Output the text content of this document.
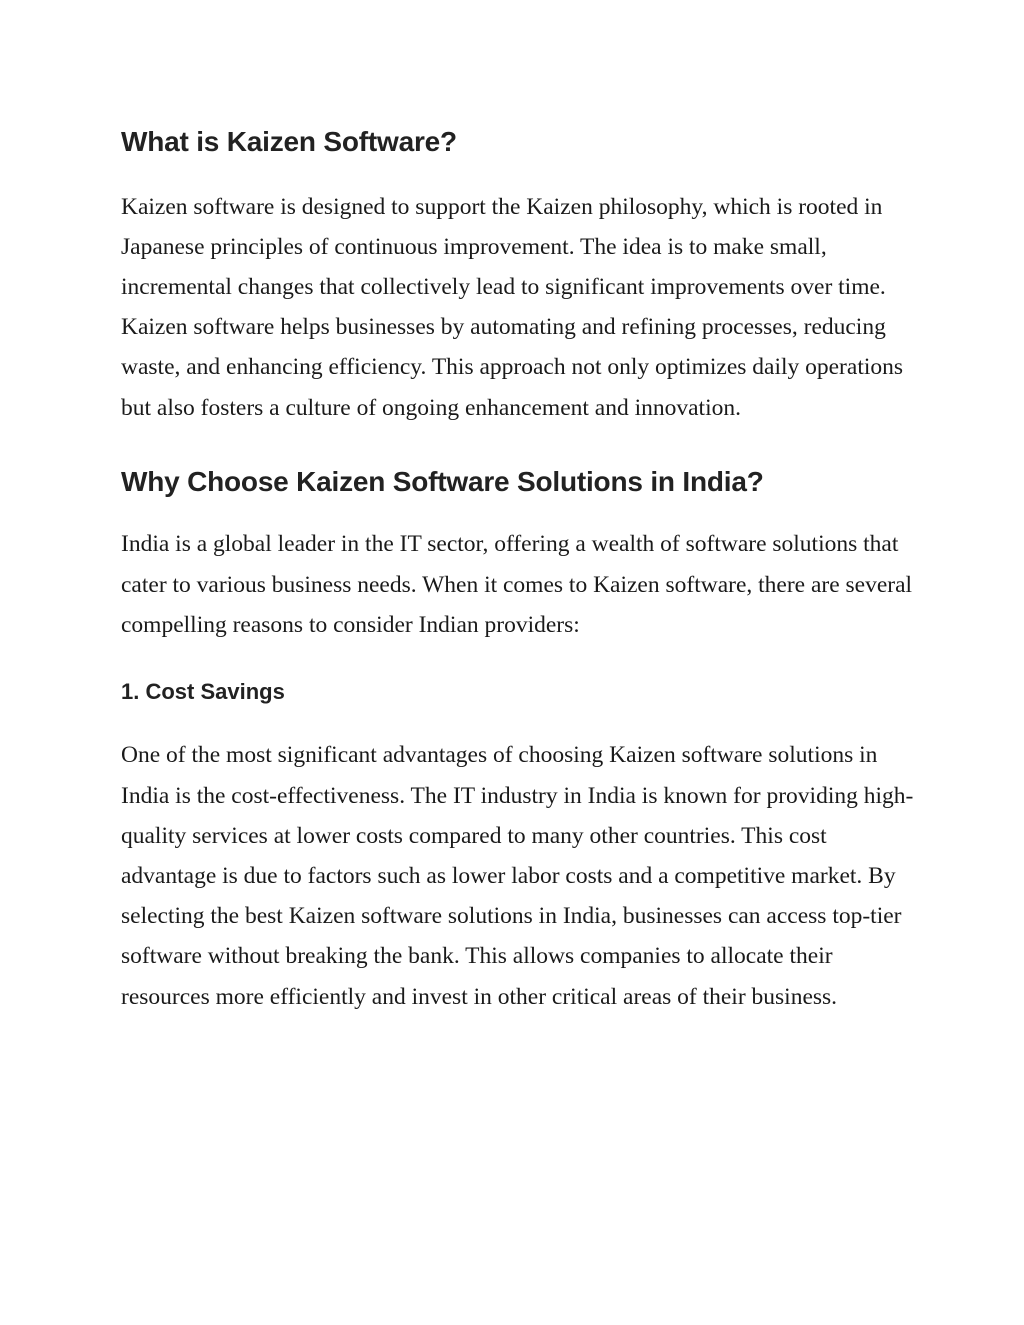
What is Kaizen Software?

Kaizen software is designed to support the Kaizen philosophy, which is rooted in Japanese principles of continuous improvement. The idea is to make small, incremental changes that collectively lead to significant improvements over time. Kaizen software helps businesses by automating and refining processes, reducing waste, and enhancing efficiency. This approach not only optimizes daily operations but also fosters a culture of ongoing enhancement and innovation.

Why Choose Kaizen Software Solutions in India?

India is a global leader in the IT sector, offering a wealth of software solutions that cater to various business needs. When it comes to Kaizen software, there are several compelling reasons to consider Indian providers:

1. Cost Savings

One of the most significant advantages of choosing Kaizen software solutions in India is the cost-effectiveness. The IT industry in India is known for providing high-quality services at lower costs compared to many other countries. This cost advantage is due to factors such as lower labor costs and a competitive market. By selecting the best Kaizen software solutions in India, businesses can access top-tier software without breaking the bank. This allows companies to allocate their resources more efficiently and invest in other critical areas of their business.
